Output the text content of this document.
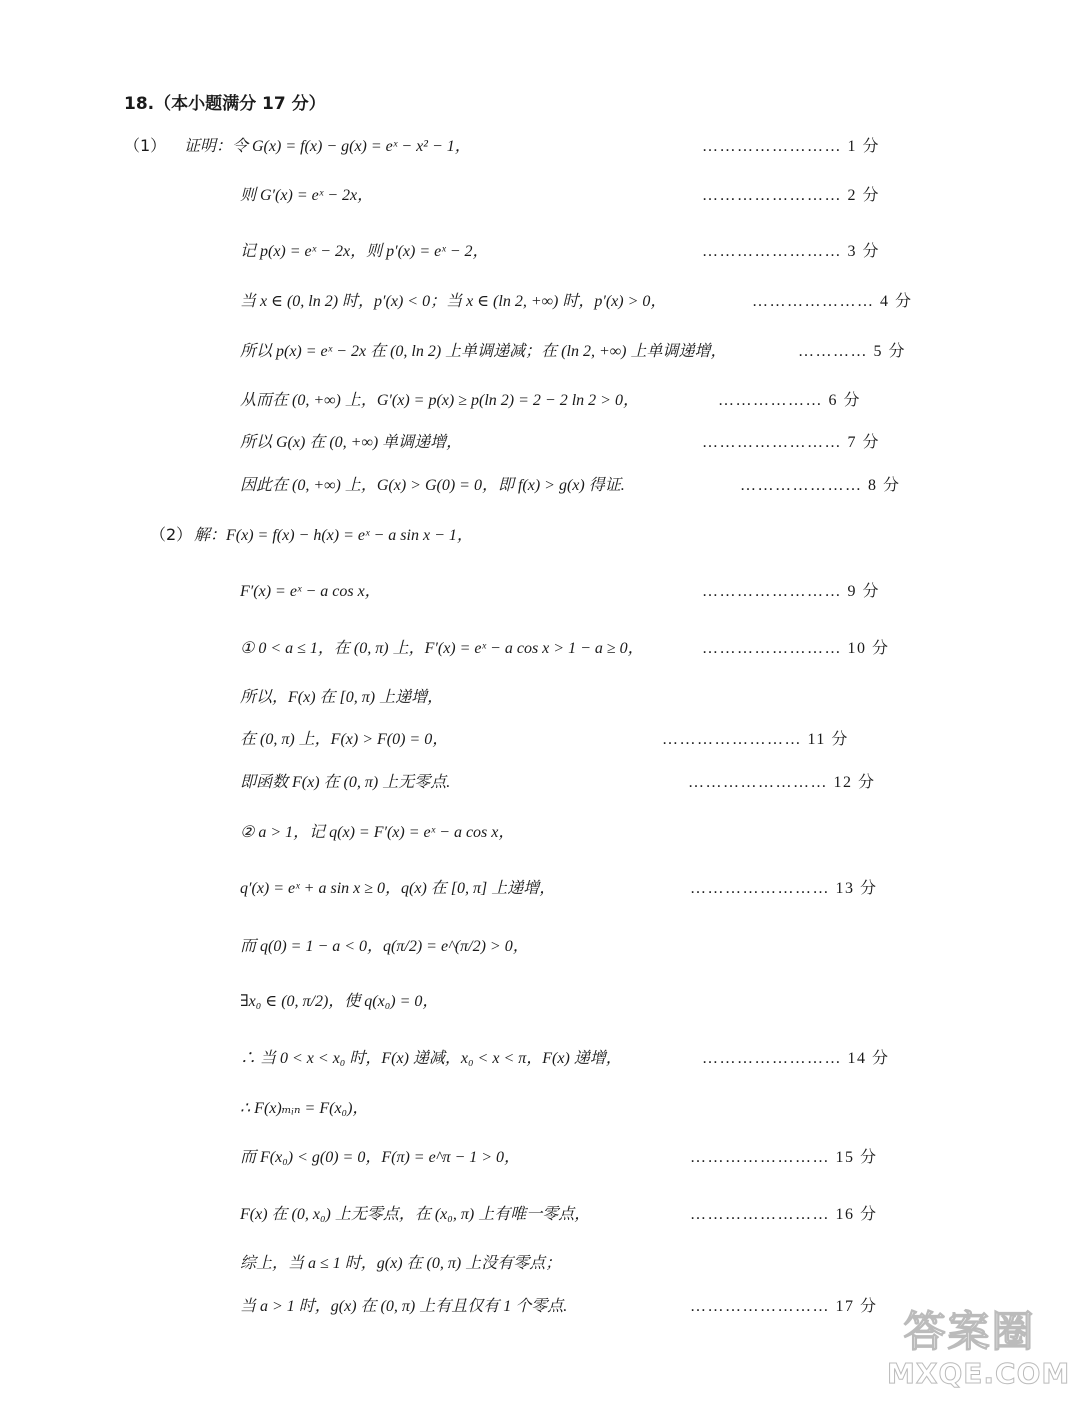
18.（本小题满分 17 分）
（1） 证明：令 G(x) = f(x) − g(x) = eˣ − x² − 1，	…………………… 1 分
则 G′(x) = eˣ − 2x，	…………………… 2 分
记 p(x) = eˣ − 2x，则 p′(x) = eˣ − 2，	…………………… 3 分
当 x ∈ (0, ln 2) 时，p′(x) < 0；当 x ∈ (ln 2, +∞) 时，p′(x) > 0，	………………… 4 分
所以 p(x) = eˣ − 2x 在 (0, ln 2) 上单调递减；在 (ln 2, +∞) 上单调递增，	………… 5 分
从而在 (0, +∞) 上，G′(x) = p(x) ≥ p(ln 2) = 2 − 2 ln 2 > 0，	……………… 6 分
所以 G(x) 在 (0, +∞) 单调递增，	…………………… 7 分
因此在 (0, +∞) 上，G(x) > G(0) = 0，即 f(x) > g(x) 得证.	………………… 8 分
（2） 解：F(x) = f(x) − h(x) = eˣ − a sin x − 1，
F′(x) = eˣ − a cos x，	…………………… 9 分
① 0 < a ≤ 1，在 (0, π) 上，F′(x) = eˣ − a cos x > 1 − a ≥ 0，	…………………… 10 分
所以，F(x) 在 [0, π) 上递增，
在 (0, π) 上，F(x) > F(0) = 0，	…………………… 11 分
即函数 F(x) 在 (0, π) 上无零点.	…………………… 12 分
② a > 1，记 q(x) = F′(x) = eˣ − a cos x，
q′(x) = eˣ + a sin x ≥ 0，q(x) 在 [0, π] 上递增，	…………………… 13 分
而 q(0) = 1 − a < 0，q(π/2) = e^(π/2) > 0，
∃x₀ ∈ (0, π/2)，使 q(x₀) = 0，
∴ 当 0 < x < x₀ 时，F(x) 递减，x₀ < x < π，F(x) 递增，	…………………… 14 分
∴ F(x)ₘᵢₙ = F(x₀)，
而 F(x₀) < g(0) = 0，F(π) = e^π − 1 > 0，	…………………… 15 分
F(x) 在 (0, x₀) 上无零点，在 (x₀, π) 上有唯一零点，	…………………… 16 分
综上，当 a ≤ 1 时，g(x) 在 (0, π) 上没有零点；
当 a > 1 时，g(x) 在 (0, π) 上有且仅有 1 个零点.	…………………… 17 分
答案圈
MXQE.COM
